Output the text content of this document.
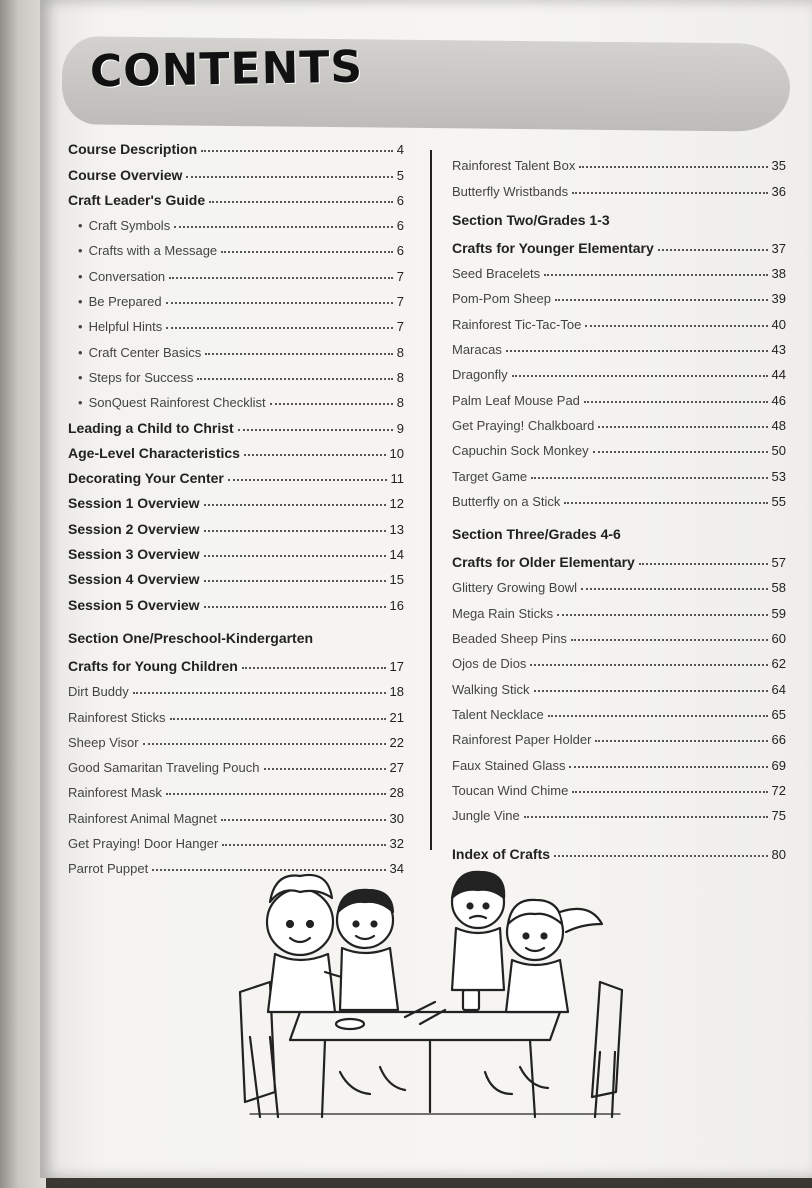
CONTENTS
Course Description	4
Course Overview	5
Craft Leader's Guide	6
• Craft Symbols	6
• Crafts with a Message	6
• Conversation	7
• Be Prepared	7
• Helpful Hints	7
• Craft Center Basics	8
• Steps for Success	8
• SonQuest Rainforest Checklist	8
Leading a Child to Christ	9
Age-Level Characteristics	10
Decorating Your Center	11
Session 1 Overview	12
Session 2 Overview	13
Session 3 Overview	14
Session 4 Overview	15
Session 5 Overview	16
Section One/Preschool-Kindergarten
Crafts for Young Children	17
Dirt Buddy	18
Rainforest Sticks	21
Sheep Visor	22
Good Samaritan Traveling Pouch	27
Rainforest Mask	28
Rainforest Animal Magnet	30
Get Praying! Door Hanger	32
Parrot Puppet	34
Rainforest Talent Box	35
Butterfly Wristbands	36
Section Two/Grades 1-3
Crafts for Younger Elementary	37
Seed Bracelets	38
Pom-Pom Sheep	39
Rainforest Tic-Tac-Toe	40
Maracas	43
Dragonfly	44
Palm Leaf Mouse Pad	46
Get Praying! Chalkboard	48
Capuchin Sock Monkey	50
Target Game	53
Butterfly on a Stick	55
Section Three/Grades 4-6
Crafts for Older Elementary	57
Glittery Growing Bowl	58
Mega Rain Sticks	59
Beaded Sheep Pins	60
Ojos de Dios	62
Walking Stick	64
Talent Necklace	65
Rainforest Paper Holder	66
Faux Stained Glass	69
Toucan Wind Chime	72
Jungle Vine	75
Index of Crafts	80
